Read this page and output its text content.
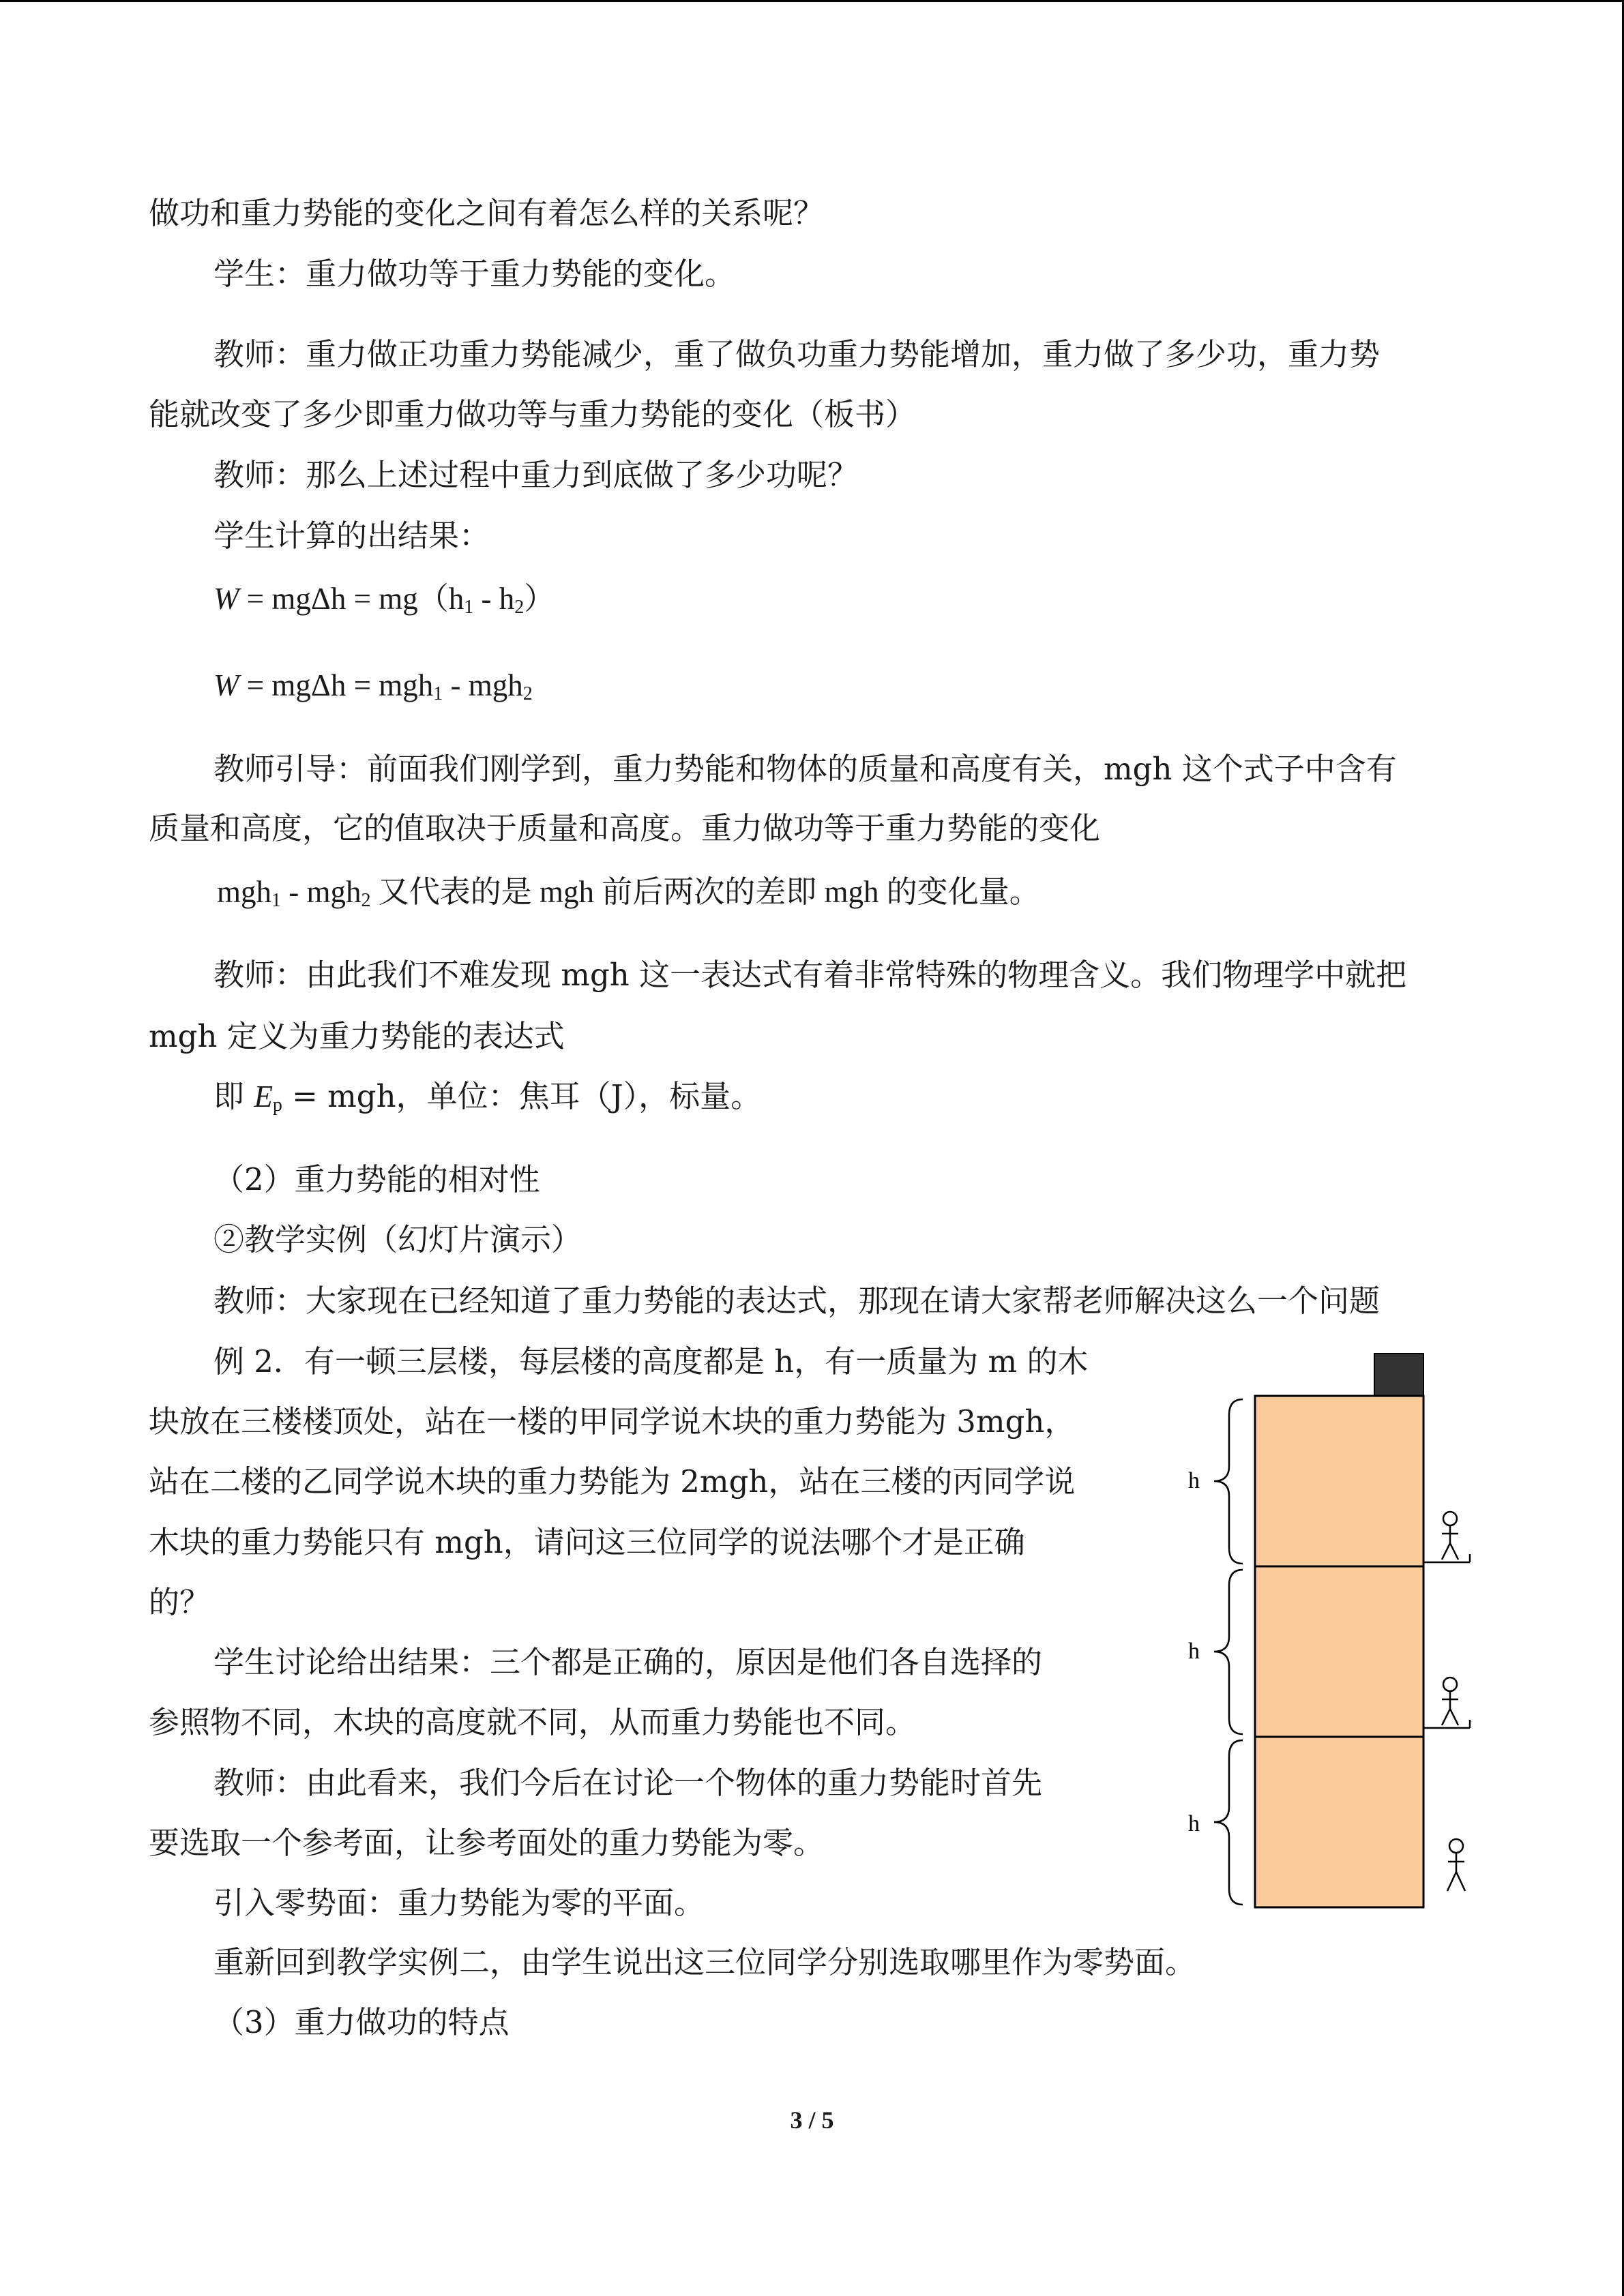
做功和重力势能的变化之间有着怎么样的关系呢？
学生：重力做功等于重力势能的变化。
教师：重力做正功重力势能减少，重了做负功重力势能增加，重力做了多少功，重力势
能就改变了多少即重力做功等与重力势能的变化（板书）
教师：那么上述过程中重力到底做了多少功呢？
学生计算的出结果：
$W = mg\Delta h = mg(h_1 - h_2)$
W = mgΔh = mgh$_1$ - mgh$_2$
教师引导：前面我们刚学到，重力势能和物体的质量和高度有关，mgh 这个式子中含有
质量和高度，它的值取决于质量和高度。重力做功等于重力势能的变化
mgh$_1$ - mgh$_2$ 又代表的是 mgh 前后两次的差即 mgh 的变化量。
教师：由此我们不难发现 mgh 这一表达式有着非常特殊的物理含义。我们物理学中就把
mgh 定义为重力势能的表达式
即 $E_p$ = mgh，单位：焦耳（J），标量。
（2）重力势能的相对性
②教学实例（幻灯片演示）
教师：大家现在已经知道了重力势能的表达式，那现在请大家帮老师解决这么一个问题
例 2．有一顿三层楼，每层楼的高度都是 h，有一质量为 m 的木
块放在三楼楼顶处，站在一楼的甲同学说木块的重力势能为 3mgh，
站在二楼的乙同学说木块的重力势能为 2mgh，站在三楼的丙同学说
木块的重力势能只有 mgh，请问这三位同学的说法哪个才是正确
的？
学生讨论给出结果：三个都是正确的，原因是他们各自选择的
参照物不同，木块的高度就不同，从而重力势能也不同。
教师：由此看来，我们今后在讨论一个物体的重力势能时首先
要选取一个参考面，让参考面处的重力势能为零。
引入零势面：重力势能为零的平面。
重新回到教学实例二，由学生说出这三位同学分别选取哪里作为零势面。
（3）重力做功的特点
h
h
h
3 / 5
